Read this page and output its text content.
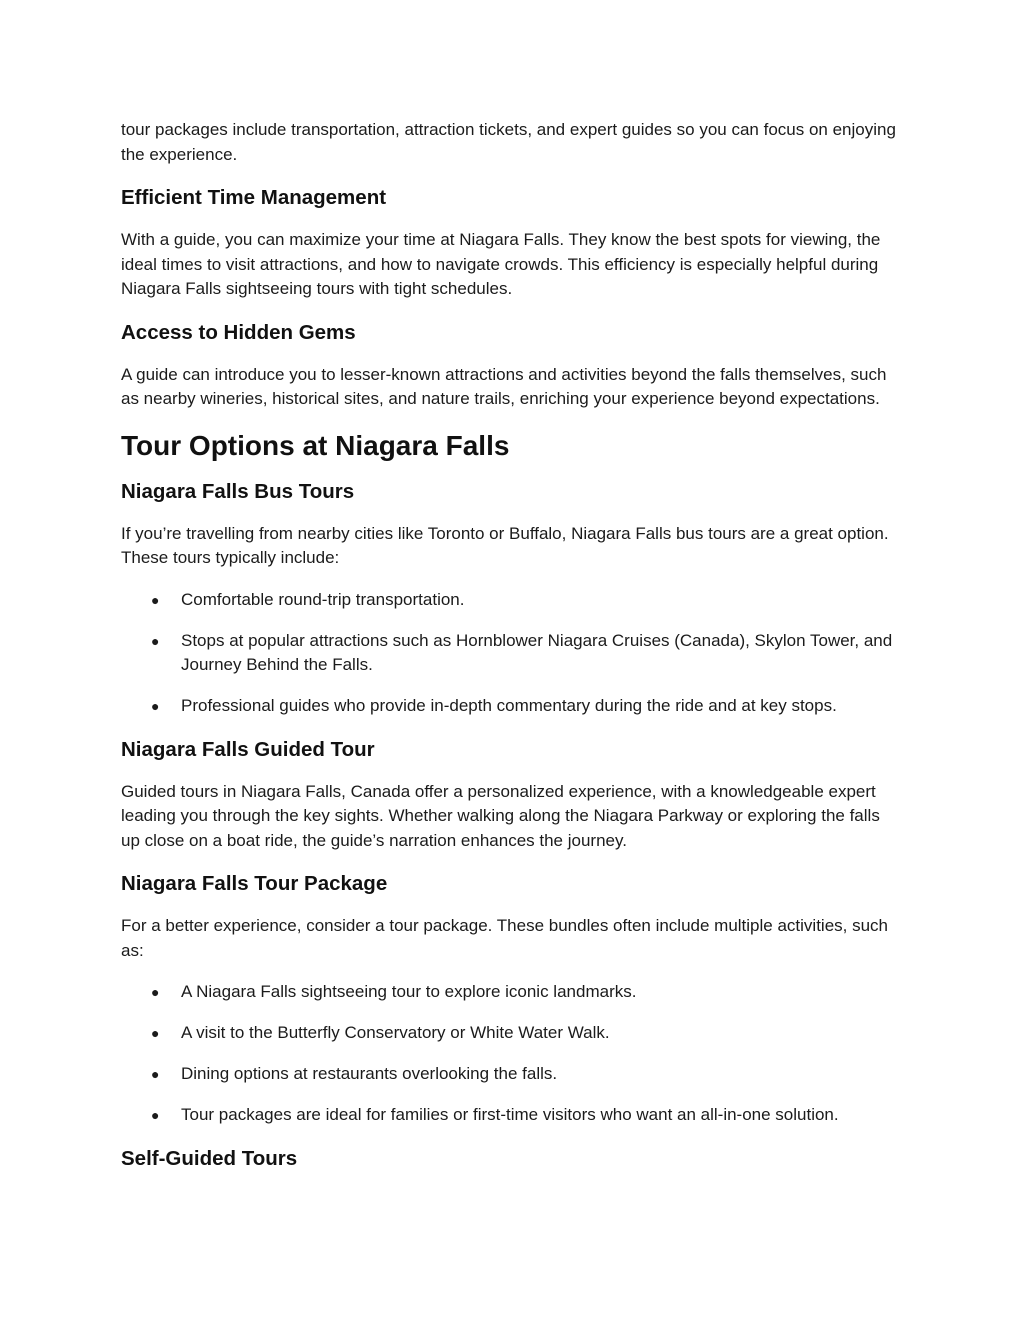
tour packages include transportation, attraction tickets, and expert guides so you can focus on enjoying the experience.

Efficient Time Management

With a guide, you can maximize your time at Niagara Falls. They know the best spots for viewing, the ideal times to visit attractions, and how to navigate crowds. This efficiency is especially helpful during Niagara Falls sightseeing tours with tight schedules.

Access to Hidden Gems

A guide can introduce you to lesser-known attractions and activities beyond the falls themselves, such as nearby wineries, historical sites, and nature trails, enriching your experience beyond expectations.

Tour Options at Niagara Falls
Niagara Falls Bus Tours

If you’re travelling from nearby cities like Toronto or Buffalo, Niagara Falls bus tours are a great option. These tours typically include:

● Comfortable round-trip transportation.
● Stops at popular attractions such as Hornblower Niagara Cruises (Canada), Skylon Tower, and Journey Behind the Falls.
● Professional guides who provide in-depth commentary during the ride and at key stops.
Niagara Falls Guided Tour

Guided tours in Niagara Falls, Canada offer a personalized experience, with a knowledgeable expert leading you through the key sights. Whether walking along the Niagara Parkway or exploring the falls up close on a boat ride, the guide’s narration enhances the journey.

Niagara Falls Tour Package

For a better experience, consider a tour package. These bundles often include multiple activities, such as:

● A Niagara Falls sightseeing tour to explore iconic landmarks.
● A visit to the Butterfly Conservatory or White Water Walk.
● Dining options at restaurants overlooking the falls.
● Tour packages are ideal for families or first-time visitors who want an all-in-one solution.
Self-Guided Tours
